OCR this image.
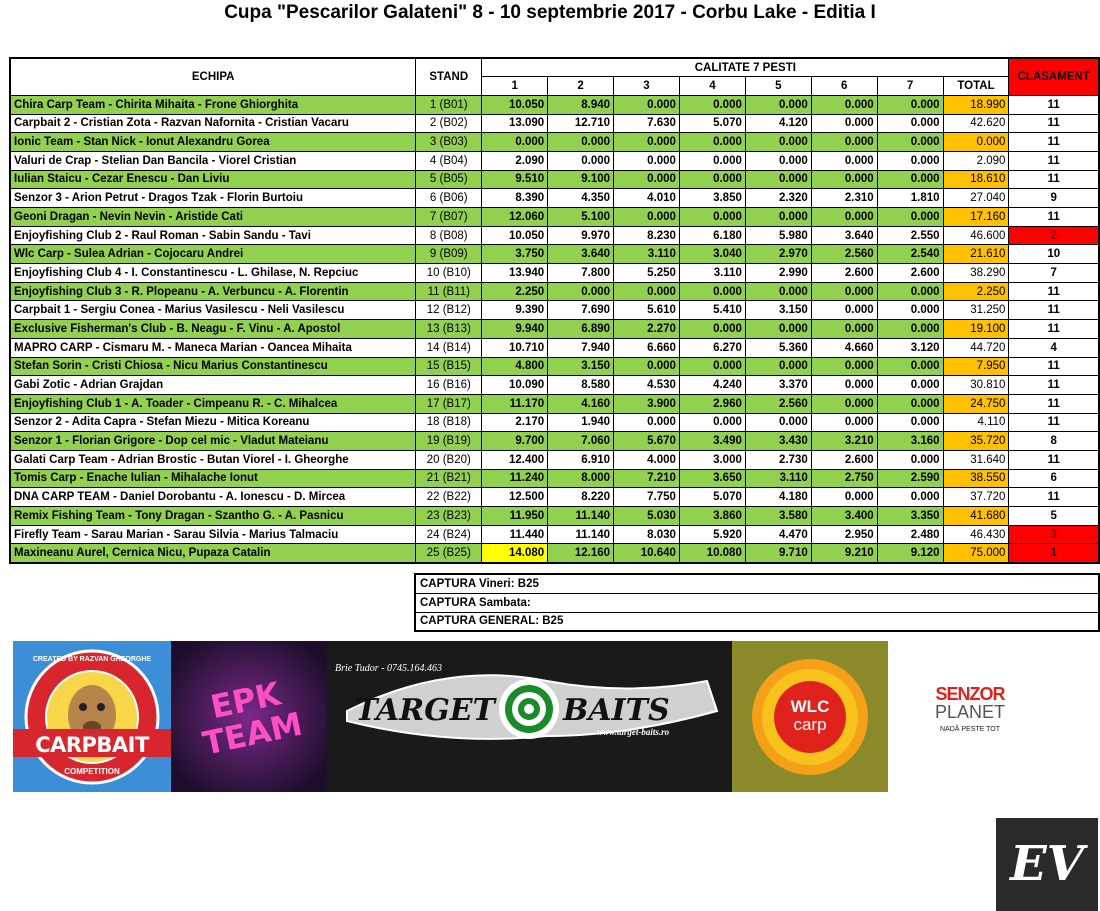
Cupa "Pescarilor Galateni" 8 - 10 septembrie 2017 - Corbu Lake - Editia I
ECHIPA	STAND	CALITATE 7 PESTI								CLASAMENT
		1	2	3	4	5	6	7	TOTAL	
Chira Carp Team - Chirita Mihaita - Frone Ghiorghita	1 (B01)	10.050	8.940	0.000	0.000	0.000	0.000	0.000	18.990	11
Carpbait 2 - Cristian Zota - Razvan Nafornita - Cristian Vacaru	2 (B02)	13.090	12.710	7.630	5.070	4.120	0.000	0.000	42.620	11
Ionic Team - Stan Nick - Ionut Alexandru Gorea	3 (B03)	0.000	0.000	0.000	0.000	0.000	0.000	0.000	0.000	11
Valuri de Crap - Stelian Dan Bancila - Viorel Cristian	4 (B04)	2.090	0.000	0.000	0.000	0.000	0.000	0.000	2.090	11
Iulian Staicu - Cezar Enescu - Dan Liviu	5 (B05)	9.510	9.100	0.000	0.000	0.000	0.000	0.000	18.610	11
Senzor 3 - Arion Petrut - Dragos Tzak - Florin Burtoiu	6 (B06)	8.390	4.350	4.010	3.850	2.320	2.310	1.810	27.040	9
Geoni Dragan - Nevin Nevin - Aristide Cati	7 (B07)	12.060	5.100	0.000	0.000	0.000	0.000	0.000	17.160	11
Enjoyfishing Club 2 - Raul Roman - Sabin Sandu - Tavi	8 (B08)	10.050	9.970	8.230	6.180	5.980	3.640	2.550	46.600	2
Wlc Carp - Sulea Adrian - Cojocaru Andrei	9 (B09)	3.750	3.640	3.110	3.040	2.970	2.560	2.540	21.610	10
Enjoyfishing Club 4 - I. Constantinescu - L. Ghilase, N. Repciuc	10 (B10)	13.940	7.800	5.250	3.110	2.990	2.600	2.600	38.290	7
Enjoyfishing Club 3 - R. Plopeanu - A. Verbuncu - A. Florentin	11 (B11)	2.250	0.000	0.000	0.000	0.000	0.000	0.000	2.250	11
Carpbait 1 - Sergiu Conea - Marius Vasilescu - Neli Vasilescu	12 (B12)	9.390	7.690	5.610	5.410	3.150	0.000	0.000	31.250	11
Exclusive Fisherman's Club - B. Neagu - F. Vinu - A. Apostol	13 (B13)	9.940	6.890	2.270	0.000	0.000	0.000	0.000	19.100	11
MAPRO CARP - Cismaru M. - Maneca Marian - Oancea Mihaita	14 (B14)	10.710	7.940	6.660	6.270	5.360	4.660	3.120	44.720	4
Stefan Sorin - Cristi Chiosa - Nicu Marius Constantinescu	15 (B15)	4.800	3.150	0.000	0.000	0.000	0.000	0.000	7.950	11
Gabi Zotic - Adrian Grajdan	16 (B16)	10.090	8.580	4.530	4.240	3.370	0.000	0.000	30.810	11
Enjoyfishing Club 1 - A. Toader - Cimpeanu R. - C. Mihalcea	17 (B17)	11.170	4.160	3.900	2.960	2.560	0.000	0.000	24.750	11
Senzor 2 - Adita Capra - Stefan Miezu - Mitica Koreanu	18 (B18)	2.170	1.940	0.000	0.000	0.000	0.000	0.000	4.110	11
Senzor 1 - Florian Grigore - Dop cel mic - Vladut Mateianu	19 (B19)	9.700	7.060	5.670	3.490	3.430	3.210	3.160	35.720	8
Galati Carp Team - Adrian Brostic - Butan Viorel - I. Gheorghe	20 (B20)	12.400	6.910	4.000	3.000	2.730	2.600	0.000	31.640	11
Tomis Carp - Enache Iulian - Mihalache Ionut	21 (B21)	11.240	8.000	7.210	3.650	3.110	2.750	2.590	38.550	6
DNA CARP TEAM - Daniel Dorobantu - A. Ionescu - D. Mircea	22 (B22)	12.500	8.220	7.750	5.070	4.180	0.000	0.000	37.720	11
Remix Fishing Team - Tony Dragan - Szantho G. - A. Pasnicu	23 (B23)	11.950	11.140	5.030	3.860	3.580	3.400	3.350	41.680	5
Firefly Team - Sarau Marian - Sarau Silvia - Marius Talmaciu	24 (B24)	11.440	11.140	8.030	5.920	4.470	2.950	2.480	46.430	3
Maxineanu Aurel, Cernica Nicu, Pupaza Catalin	25 (B25)	14.080	12.160	10.640	10.080	9.710	9.210	9.120	75.000	1
CAPTURA Vineri: B25
CAPTURA Sambata:
CAPTURA GENERAL: B25
CREATED BY RAZVAN GHEORGHE
CARPBAIT
COMPETITION
EPK TEAM
Brie Tudor - 0745.164.463
TARGET BAITS
www.target-baits.ro
WLC
carp
SENZOR
PLANET
NADĂ PESTE TOT
EV
